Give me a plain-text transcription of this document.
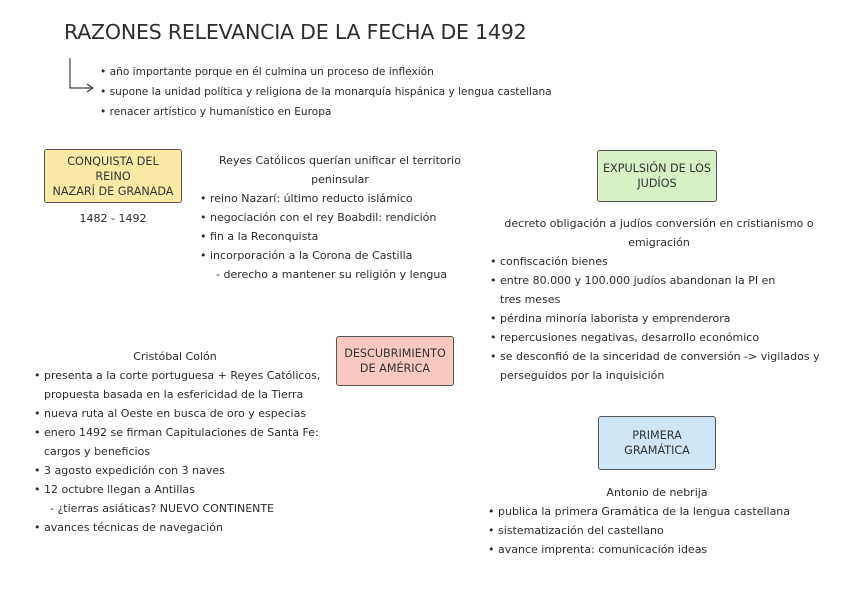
RAZONES RELEVANCIA DE LA FECHA DE 1492
• año importante porque en él culmina un proceso de inflexión
• supone la unidad política y religiona de la monarquía hispánica y lengua castellana
• renacer artístico y humanístico en Europa
CONQUISTA DEL REINO
NAZARÍ DE GRANADA
1482 - 1492
Reyes Católicos querían unificar el territorio
peninsular
• reino Nazarí: último reducto islámico
• negociación con el rey Boabdil: rendición
• fin a la Reconquista
• incorporación a la Corona de Castilla
- derecho a mantener su religión y lengua
EXPULSIÓN DE LOS
JUDÍOS
decreto obligación a judíos conversión en cristianismo o
emigración
• confiscación bienes
• entre 80.000 y 100.000 judíos abandonan la PI en
tres meses
• pérdina minoría laborista y emprenderora
• repercusiones negativas, desarrollo económico
• se desconfió de la sinceridad de conversión -> vigilados y
perseguidos por la inquisición
DESCUBRIMIENTO
DE AMÉRICA
Cristóbal Colón
• presenta a la corte portuguesa + Reyes Católicos,
propuesta basada en la esfericidad de la Tierra
• nueva ruta al Oeste en busca de oro y especias
• enero 1492 se firman Capitulaciones de Santa Fe:
cargos y beneficios
• 3 agosto expedición con 3 naves
• 12 octubre llegan a Antillas
- ¿tierras asiáticas? NUEVO CONTINENTE
• avances técnicas de navegación
PRIMERA
GRAMÁTICA
Antonio de nebrija
• publica la primera Gramática de la lengua castellana
• sistematización del castellano
• avance imprenta: comunicación ideas
